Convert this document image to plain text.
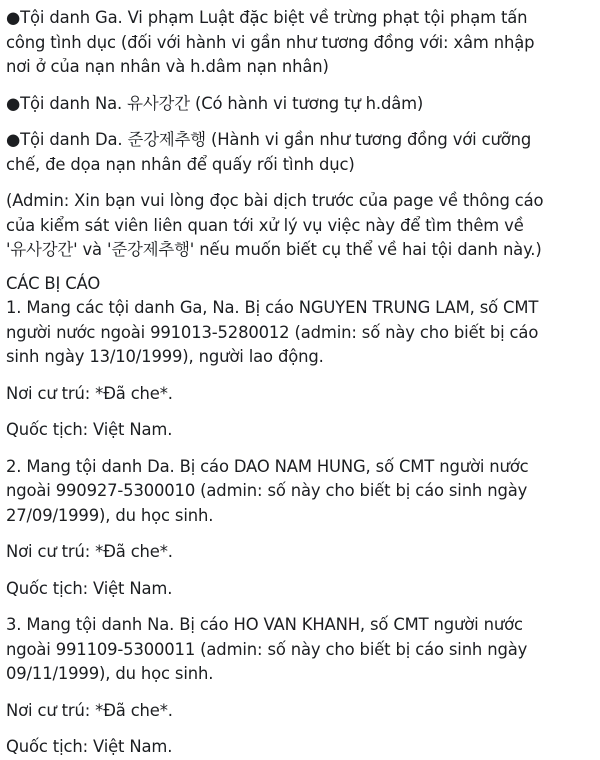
●Tội danh Ga. Vi phạm Luật đặc biệt về trừng phạt tội phạm tấn
công tình dục (đối với hành vi gần như tương đồng với: xâm nhập
nơi ở của nạn nhân và h.dâm nạn nhân)

●Tội danh Na. 유사강간 (Có hành vi tương tự h.dâm)

●Tội danh Da. 준강제추행 (Hành vi gần như tương đồng với cưỡng
chế, đe dọa nạn nhân để quấy rối tình dục)

(Admin: Xin bạn vui lòng đọc bài dịch trước của page về thông cáo
của kiểm sát viên liên quan tới xử lý vụ việc này để tìm thêm về
'유사강간' và '준강제추행' nếu muốn biết cụ thể về hai tội danh này.)

CÁC BỊ CÁO
1. Mang các tội danh Ga, Na. Bị cáo NGUYEN TRUNG LAM, số CMT
người nước ngoài 991013-5280012 (admin: số này cho biết bị cáo
sinh ngày 13/10/1999), người lao động.

Nơi cư trú: *Đã che*.

Quốc tịch: Việt Nam.

2. Mang tội danh Da. Bị cáo DAO NAM HUNG, số CMT người nước
ngoài 990927-5300010 (admin: số này cho biết bị cáo sinh ngày
27/09/1999), du học sinh.

Nơi cư trú: *Đã che*.

Quốc tịch: Việt Nam.

3. Mang tội danh Na. Bị cáo HO VAN KHANH, số CMT người nước
ngoài 991109-5300011 (admin: số này cho biết bị cáo sinh ngày
09/11/1999), du học sinh.

Nơi cư trú: *Đã che*.

Quốc tịch: Việt Nam.
